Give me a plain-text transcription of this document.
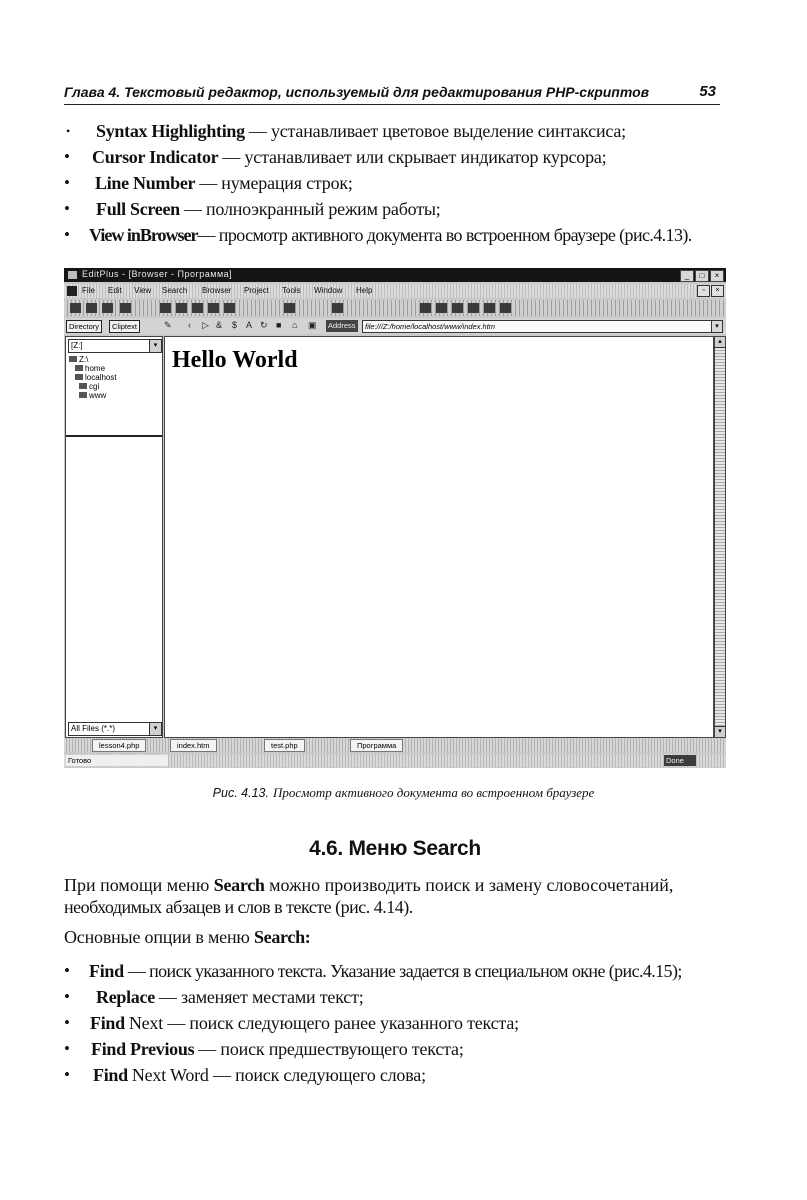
Глава 4. Текстовый редактор, используемый для редактирования PHP-скриптов	53
• Syntax Highlighting — устанавливает цветовое выделение синтаксиса;
• Cursor Indicator — устанавливает или скрывает индикатор курсора;
• Line Number — нумерация строк;
• Full Screen — полноэкранный режим работы;
• View inBrowser— просмотр активного документа во встроенном браузере (рис.4.13).
EditPlus - [Browser - Программа]	_ □ ×
File Edit View Search Browser Project Tools Window Help	▫ ×
Directory	Cliptext	✎ ‹ ▷ & $ A ↻ ■ ⌂ ▣ Address	file:///Z:/home/localhost/www/index.htm	▾
[Z:]	▾
Z:\
home
localhost
cgi
www
All Files (*.*)	▾
Hello World
▴
▾
lesson4.php	index.htm	test.php	Программа
Готово	Done
Рис. 4.13. Просмотр активного документа во встроенном браузере
4.6. Меню Search

При помощи меню Search можно производить поиск и замену словосочетаний,
необходимых абзацев и слов в тексте (рис. 4.14).

Основные опции в меню Search:

• Find — поиск указанного текста. Указание задается в специальном окне (рис.4.15);
• Replace — заменяет местами текст;
• Find Next — поиск следующего ранее указанного текста;
• Find Previous — поиск предшествующего текста;
• Find Next Word — поиск следующего слова;
